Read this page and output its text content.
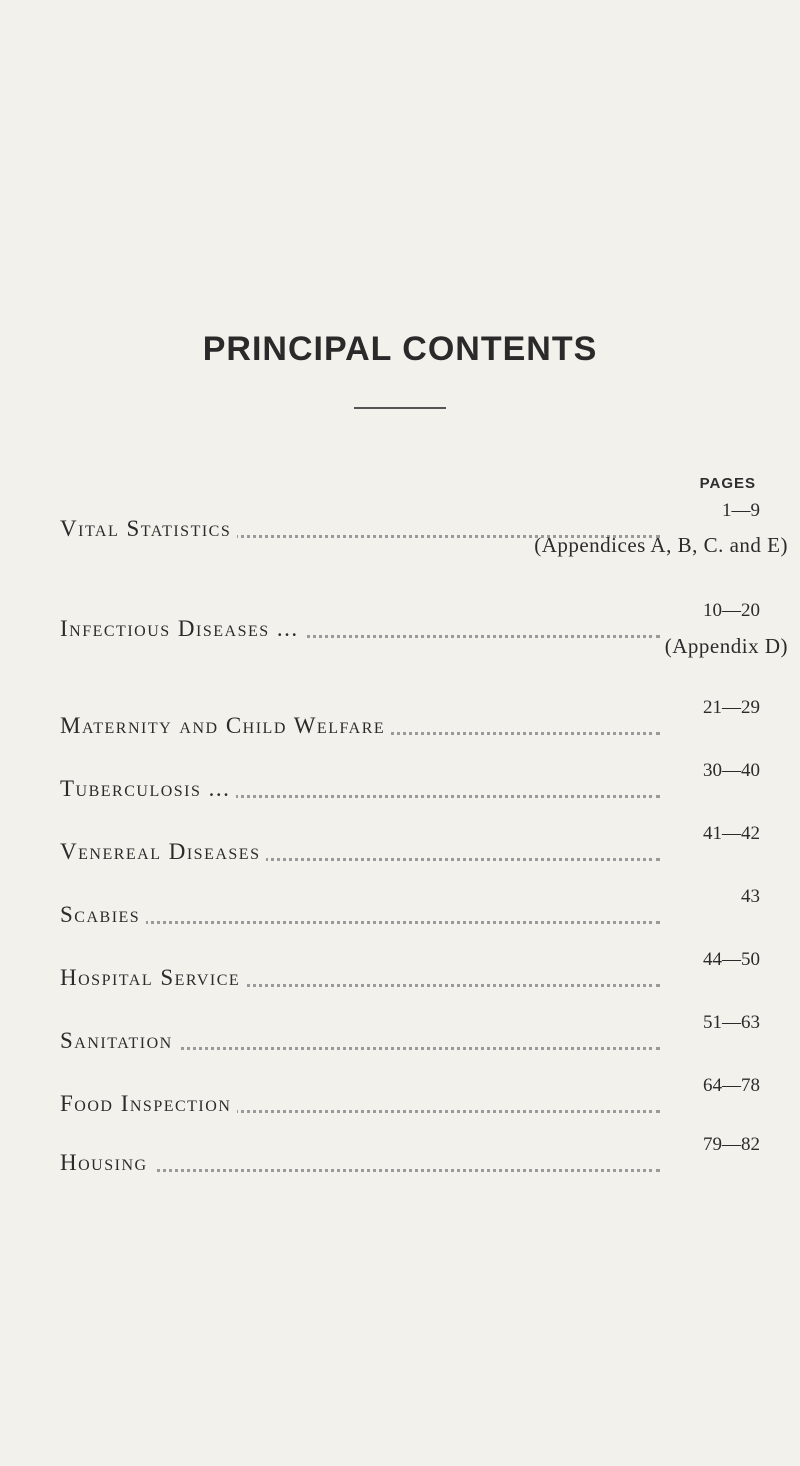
PRINCIPAL CONTENTS
PAGES
Vital Statistics
1—9
(Appendices A, B, C. and E)
Infectious Diseases ...
10—20
(Appendix D)
Maternity and Child Welfare
21—29
Tuberculosis ...
30—40
Venereal Diseases
41—42
Scabies
43
Hospital Service
44—50
Sanitation
51—63
Food Inspection
64—78
Housing
79—82
